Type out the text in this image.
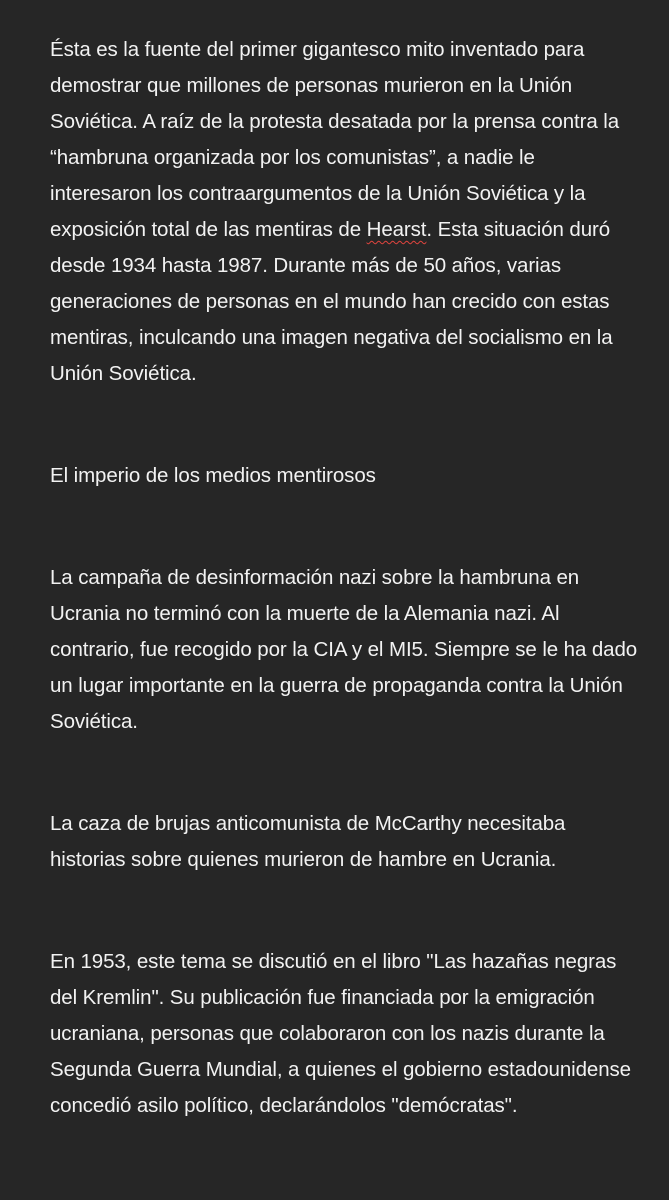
Ésta es la fuente del primer gigantesco mito inventado para demostrar que millones de personas murieron en la Unión Soviética. A raíz de la protesta desatada por la prensa contra la “hambruna organizada por los comunistas”, a nadie le interesaron los contraargumentos de la Unión Soviética y la exposición total de las mentiras de Hearst. Esta situación duró desde 1934 hasta 1987. Durante más de 50 años, varias generaciones de personas en el mundo han crecido con estas mentiras, inculcando una imagen negativa del socialismo en la Unión Soviética.

El imperio de los medios mentirosos

La campaña de desinformación nazi sobre la hambruna en Ucrania no terminó con la muerte de la Alemania nazi. Al contrario, fue recogido por la CIA y el MI5. Siempre se le ha dado un lugar importante en la guerra de propaganda contra la Unión Soviética.

La caza de brujas anticomunista de McCarthy necesitaba historias sobre quienes murieron de hambre en Ucrania.

En 1953, este tema se discutió en el libro "Las hazañas negras del Kremlin". Su publicación fue financiada por la emigración ucraniana, personas que colaboraron con los nazis durante la Segunda Guerra Mundial, a quienes el gobierno estadounidense concedió asilo político, declarándolos "demócratas".
